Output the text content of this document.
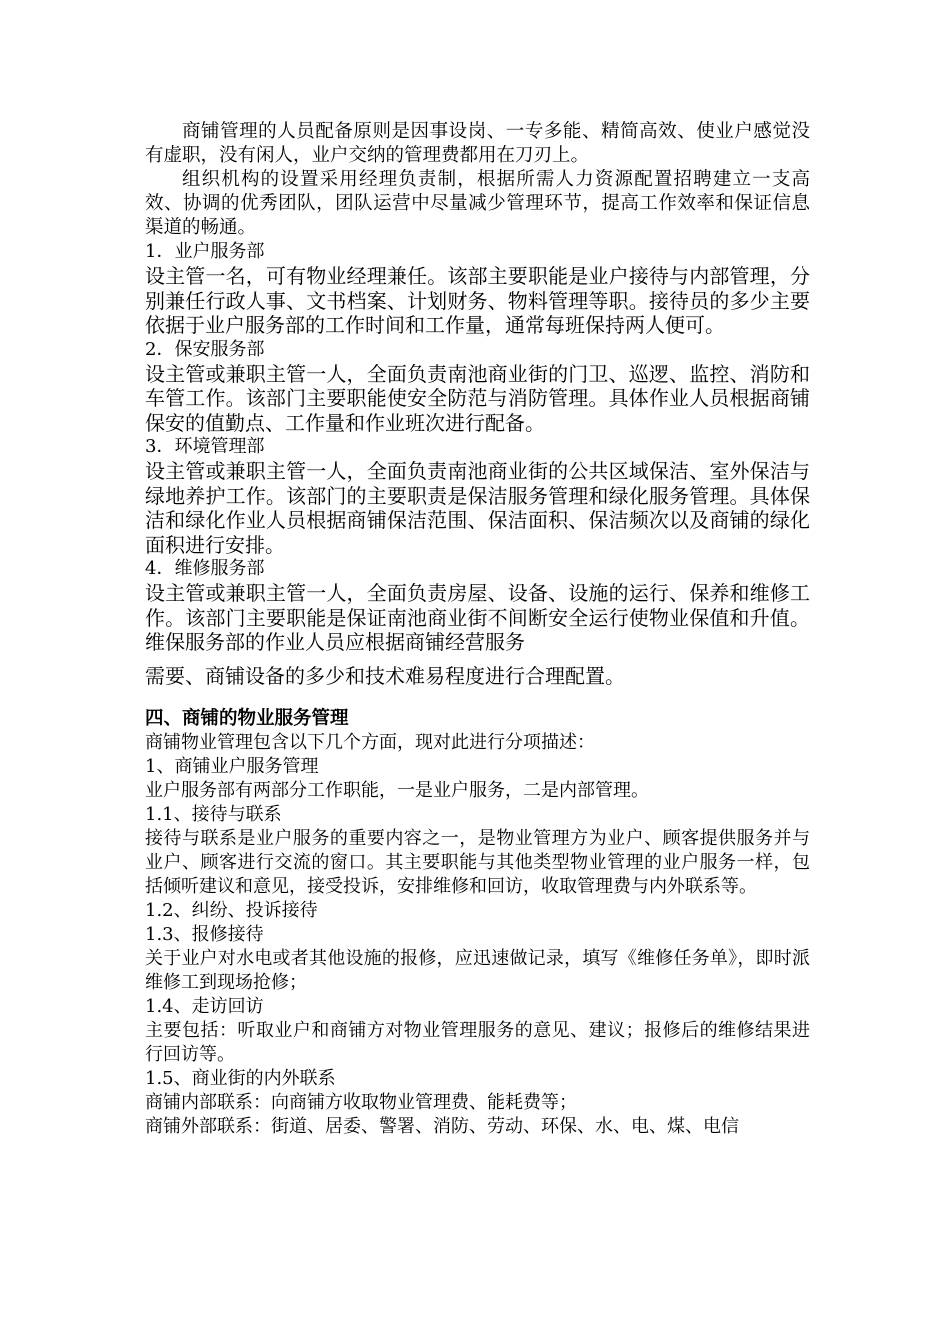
商铺管理的人员配备原则是因事设岗、一专多能、精简高效、使业户感觉没有虚职，没有闲人，业户交纳的管理费都用在刀刃上。

组织机构的设置采用经理负责制，根据所需人力资源配置招聘建立一支高效、协调的优秀团队，团队运营中尽量减少管理环节，提高工作效率和保证信息渠道的畅通。

1．业户服务部

设主管一名，可有物业经理兼任。该部主要职能是业户接待与内部管理，分别兼任行政人事、文书档案、计划财务、物料管理等职。接待员的多少主要依据于业户服务部的工作时间和工作量，通常每班保持两人便可。

2．保安服务部

设主管或兼职主管一人，全面负责南池商业街的门卫、巡逻、监控、消防和车管工作。该部门主要职能使安全防范与消防管理。具体作业人员根据商铺保安的值勤点、工作量和作业班次进行配备。

3．环境管理部

设主管或兼职主管一人，全面负责南池商业街的公共区域保洁、室外保洁与绿地养护工作。该部门的主要职责是保洁服务管理和绿化服务管理。具体保洁和绿化作业人员根据商铺保洁范围、保洁面积、保洁频次以及商铺的绿化面积进行安排。

4．维修服务部

设主管或兼职主管一人，全面负责房屋、设备、设施的运行、保养和维修工作。该部门主要职能是保证南池商业街不间断安全运行使物业保值和升值。维保服务部的作业人员应根据商铺经营服务

需要、商铺设备的多少和技术难易程度进行合理配置。

四、商铺的物业服务管理

商铺物业管理包含以下几个方面，现对此进行分项描述：

1、商铺业户服务管理

业户服务部有两部分工作职能，一是业户服务，二是内部管理。

1.1、接待与联系

接待与联系是业户服务的重要内容之一，是物业管理方为业户、顾客提供服务并与业户、顾客进行交流的窗口。其主要职能与其他类型物业管理的业户服务一样，包括倾听建议和意见，接受投诉，安排维修和回访，收取管理费与内外联系等。

1.2、纠纷、投诉接待

1.3、报修接待

关于业户对水电或者其他设施的报修，应迅速做记录，填写《维修任务单》，即时派维修工到现场抢修；

1.4、走访回访

主要包括：听取业户和商铺方对物业管理服务的意见、建议；报修后的维修结果进行回访等。

1.5、商业街的内外联系

商铺内部联系：向商铺方收取物业管理费、能耗费等；

商铺外部联系：街道、居委、警署、消防、劳动、环保、水、电、煤、电信
